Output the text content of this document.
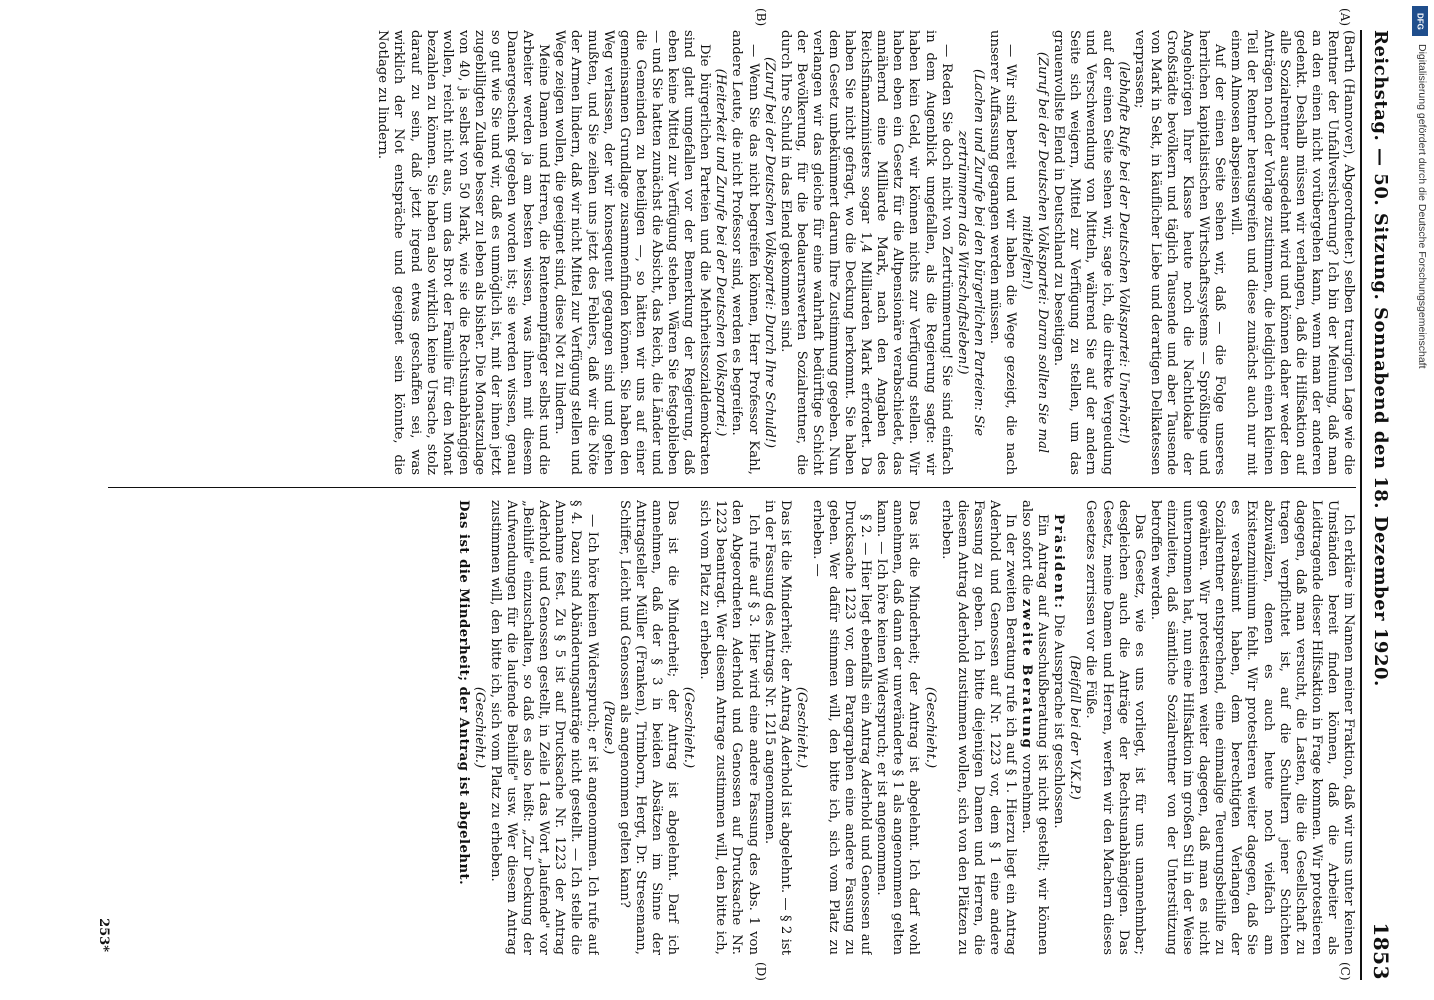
Reichstag. — 50. Sitzung. Sonnabend den 18. Dezember 1920.
1853
(A)
(B)
(C)
(D)

(Barth (Hannover), Abgeordneter.) selben traurigen Lage wie die Rentner der Unfallversicherung? Ich bin der Meinung, daß man an den einen nicht vorübergehen kann, wenn man der anderen gedenkt. Deshalb müssen wir verlangen, daß die Hilfsaktion auf alle Sozialrentner ausgedehnt wird und können daher weder den Anträgen noch der Vorlage zustimmen, die lediglich einen kleinen Teil der Rentner herausgreifen und diese zunächst auch nur mit einem Almosen abspeisen will.

Auf der einen Seite sehen wir, daß — die Folge unseres herrlichen kapitalistischen Wirtschaftssystems — Sprößlinge und Angehörigen Ihrer Klasse heute noch die Nachtlokale der Großstädte bevölkern und täglich Tausende und aber Tausende von Mark in Sekt, in käuflicher Liebe und derartigen Delikatessen verprassen;

(lebhafte Rufe bei der Deutschen Volkspartei: Unerhört!)

auf der einen Seite sehen wir, sage ich, die direkte Vergeudung und Verschwendung von Mitteln, während Sie auf der andern Seite sich weigern, Mittel zur Verfügung zu stellen, um das grauenvollste Elend in Deutschland zu beseitigen.

(Zuruf bei der Deutschen Volkspartei: Daran sollten Sie mal mithelfen!)

— Wir sind bereit und wir haben die Wege gezeigt, die nach unserer Auffassung gegangen werden müssen.

(Lachen und Zurufe bei den bürgerlichen Parteien: Sie zertrümmern das Wirtschaftsleben!)

— Reden Sie doch nicht von Zertrümmerung! Sie sind einfach in dem Augenblick umgefallen, als die Regierung sagte: wir haben kein Geld, wir können nichts zur Verfügung stellen. Wir haben eben ein Gesetz für die Altpensionäre verabschiedet, das annähernd eine Milliarde Mark, nach den Angaben des Reichsfinanzministers sogar 1,4 Milliarden Mark erfordert. Da haben Sie nicht gefragt, wo die Deckung herkommt. Sie haben dem Gesetz unbekümmert darum Ihre Zustimmung gegeben. Nun verlangen wir das gleiche für eine wahrhaft bedürftige Schicht der Bevölkerung, für die bedauernswerten Sozialrentner, die durch Ihre Schuld in das Elend gekommen sind.

(Zuruf bei der Deutschen Volkspartei: Durch Ihre Schuld!)

— Wenn Sie das nicht begreifen können, Herr Professor Kahl, andere Leute, die nicht Professor sind, werden es begreifen.

(Heiterkeit und Zurufe bei der Deutschen Volkspartei.)

Die bürgerlichen Parteien und die Mehrheitssozialdemokraten sind glatt umgefallen vor der Bemerkung der Regierung, daß eben keine Mittel zur Verfügung stehen. Wären Sie festgeblieben — und Sie hatten zunächst die Absicht, das Reich, die Länder und die Gemeinden zu beteiligen —, so hätten wir uns auf einer gemeinsamen Grundlage zusammenfinden können. Sie haben den Weg verlassen, der wir konsequent gegangen sind und gehen mußten, und Sie zeihen uns jetzt des Fehlers, daß wir die Nöte der Armen lindern, daß wir nicht Mittel zur Verfügung stellen und Wege zeigen wollen, die geeignet sind, diese Not zu lindern.

Meine Damen und Herren, die Rentenempfänger selbst und die Arbeiter werden ja am besten wissen, was ihnen mit diesem Danaergeschenk gegeben worden ist; sie werden wissen, genau so gut wie Sie und wir, daß es unmöglich ist, mit der ihnen jetzt zugebilligten Zulage besser zu leben als bisher. Die Monatszulage von 40, ja selbst von 50 Mark, wie sie die Rechtsunabhängigen wollen, reicht nicht aus, um das Brot der Familie für den Monat bezahlen zu können. Sie haben also wirklich keine Ursache, stolz darauf zu sein, daß jetzt irgend etwas geschaffen sei, was wirklich der Not entspräche und geeignet sein könnte, die Notlage zu lindern.

Ich erkläre im Namen meiner Fraktion, daß wir uns unter keinen Umständen bereit finden können, daß die Arbeiter als Leidtragende dieser Hilfsaktion in Frage kommen. Wir protestieren dagegen, daß man versucht, die Lasten, die die Gesellschaft zu tragen verpflichtet ist, auf die Schultern jener Schichten abzuwälzen, denen es auch heute noch vielfach am Existenzminimum fehlt. Wir protestieren weiter dagegen, daß Sie es verabsäumt haben, dem berechtigten Verlangen der Sozialrentner entsprechend, eine einmalige Teuerungsbeihilfe zu gewähren. Wir protestieren weiter dagegen, daß man es nicht unternommen hat, nun eine Hilfsaktion im großen Stil in der Weise einzuleiten, daß sämtliche Sozialrentner von der Unterstützung betroffen werden.

Das Gesetz, wie es uns vorliegt, ist für uns unannehmbar; desgleichen auch die Anträge der Rechtsunabhängigen. Das Gesetz, meine Damen und Herren, werfen wir den Machern dieses Gesetzes zerrissen vor die Füße.

(Beifall bei der V.K.P.)

Präsident: Die Aussprache ist geschlossen.

Ein Antrag auf Ausschußberatung ist nicht gestellt; wir können also sofort die zweite Beratung vornehmen.

In der zweiten Beratung rufe ich auf § 1. Hierzu liegt ein Antrag Aderhold und Genossen auf Nr. 1223 vor, dem § 1 eine andere Fassung zu geben. Ich bitte diejenigen Damen und Herren, die diesem Antrag Aderhold zustimmen wollen, sich von den Plätzen zu erheben.

(Geschieht.)

Das ist die Minderheit; der Antrag ist abgelehnt. Ich darf wohl annehmen, daß dann der unveränderte § 1 als angenommen gelten kann. — Ich höre keinen Widerspruch; er ist angenommen.

§ 2. — Hier liegt ebenfalls ein Antrag Aderhold und Genossen auf Drucksache 1223 vor, dem Paragraphen eine andere Fassung zu geben. Wer dafür stimmen will, den bitte ich, sich vom Platz zu erheben. —

(Geschieht.)

Das ist die Minderheit; der Antrag Aderhold ist abgelehnt. — § 2 ist in der Fassung des Antrags Nr. 1215 angenommen.

Ich rufe auf § 3. Hier wird eine andere Fassung des Abs. 1 von den Abgeordneten Aderhold und Genossen auf Drucksache Nr. 1223 beantragt. Wer diesem Antrage zustimmen will, den bitte ich, sich vom Platz zu erheben.

(Geschieht.)

Das ist die Minderheit; der Antrag ist abgelehnt. Darf ich annehmen, daß der § 3 in beiden Absätzen im Sinne der Antragsteller Müller (Franken), Trimborn, Hergt, Dr. Stresemann, Schiffer, Leicht und Genossen als angenommen gelten kann?

(Pause.)

— Ich höre keinen Widerspruch; er ist angenommen. Ich rufe auf § 4. Dazu sind Abänderungsanträge nicht gestellt. — Ich stelle die Annahme fest. Zu § 5 ist auf Drucksache Nr. 1223 der Antrag Aderhold und Genossen gestellt, in Zeile 1 das Wort „laufende" vor „Beihilfe" einzuschalten, so daß es also heißt: „Zur Deckung der Aufwendungen für die laufende Beihilfe" usw. Wer diesem Antrag zustimmen will, den bitte ich, sich vom Platz zu erheben.

(Geschieht.)

Das ist die Minderheit; der Antrag ist abgelehnt.

253*
DFG
Digitalisierung gefördert durch die Deutsche Forschungsgemeinschaft
